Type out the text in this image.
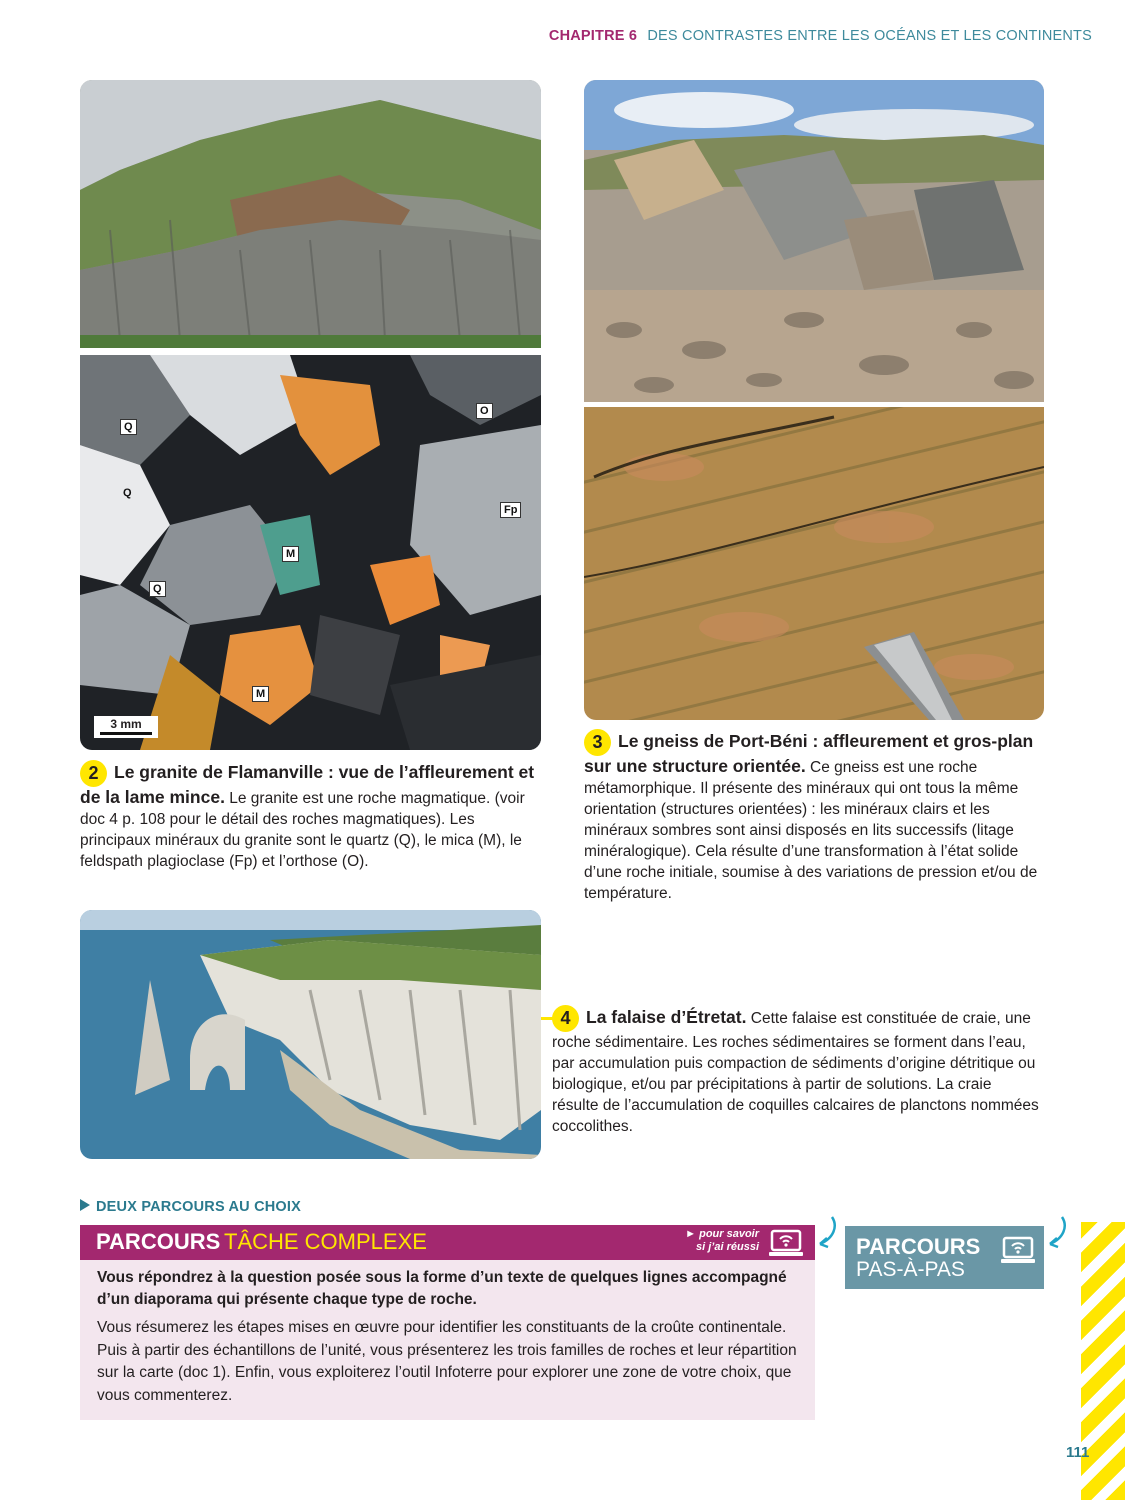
CHAPITRE 6 DES CONTRASTES ENTRE LES OCÉANS ET LES CONTINENTS
Q
Q
Q
O
Fp
M
M
3 mm
2 Le granite de Flamanville : vue de l’affleurement et de la lame mince. Le granite est une roche magmatique. (voir doc 4 p. 108 pour le détail des roches magmatiques). Les principaux minéraux du granite sont le quartz (Q), le mica (M), le feldspath plagioclase (Fp) et l’orthose (O).
3 Le gneiss de Port-Béni : affleurement et gros-plan sur une structure orientée. Ce gneiss est une roche métamorphique. Il présente des minéraux qui ont tous la même orientation (structures orientées) : les minéraux clairs et les minéraux sombres sont ainsi disposés en lits successifs (litage minéralogique). Cela résulte d’une transformation à l’état solide d’une roche initiale, soumise à des variations de pression et/ou de température.
4 La falaise d’Étretat. Cette falaise est constituée de craie, une roche sédimentaire. Les roches sédimentaires se forment dans l’eau, par accumulation puis compaction de sédiments d’origine détritique ou biologique, et/ou par précipitations à partir de solutions. La craie résulte de l’accumulation de coquilles calcaires de planctons nommées coccolithes.
DEUX PARCOURS AU CHOIX
PARCOURS TÂCHE COMPLEXE	► pour savoir
si j’ai réussi
Vous répondrez à la question posée sous la forme d’un texte de quelques lignes accompagné d’un diaporama qui présente chaque type de roche.
Vous résumerez les étapes mises en œuvre pour identifier les constituants de la croûte continentale. Puis à partir des échantillons de l’unité, vous présenterez les trois familles de roches et leur répartition sur la carte (doc 1). Enfin, vous exploiterez l’outil Infoterre pour explorer une zone de votre choix, que vous commenterez.
PARCOURS
PAS-À-PAS
111
